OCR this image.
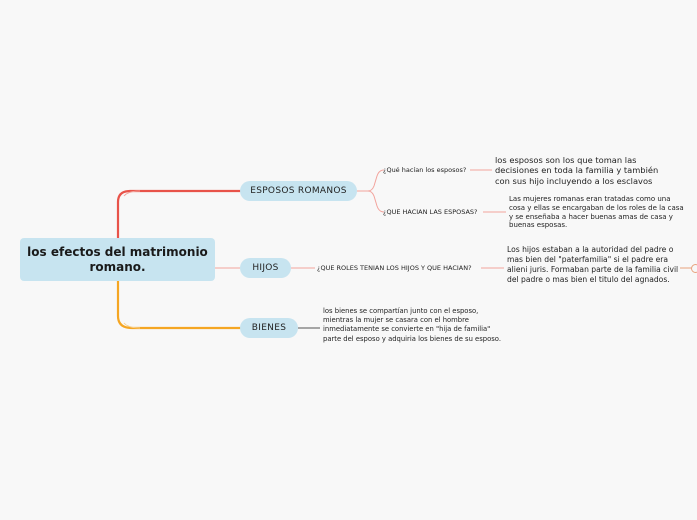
los efectos del matrimonio romano.
ESPOSOS ROMANOS
HIJOS
BIENES
¿Qué hacían los esposos?
los esposos son los que toman las decisiones en toda la familia y también con sus hijo incluyendo a los esclavos
¿QUE HACIAN LAS ESPOSAS?
Las mujeres romanas eran tratadas como una cosa y ellas se encargaban de los roles de la casa y se enseñaba a hacer buenas amas de casa y buenas esposas.
¿QUE ROLES TENIAN LOS HIJOS Y QUE HACIAN?
Los hijos estaban a la autoridad del padre o mas bien del "paterfamilia" si el padre era alieni juris. Formaban parte de la familia civil del padre o mas bien el titulo del agnados.
los bienes se compartían junto con el esposo, mientras la mujer se casara con el hombre inmediatamente se convierte en "hija de familia" parte del esposo y adquiria los bienes de su esposo.
